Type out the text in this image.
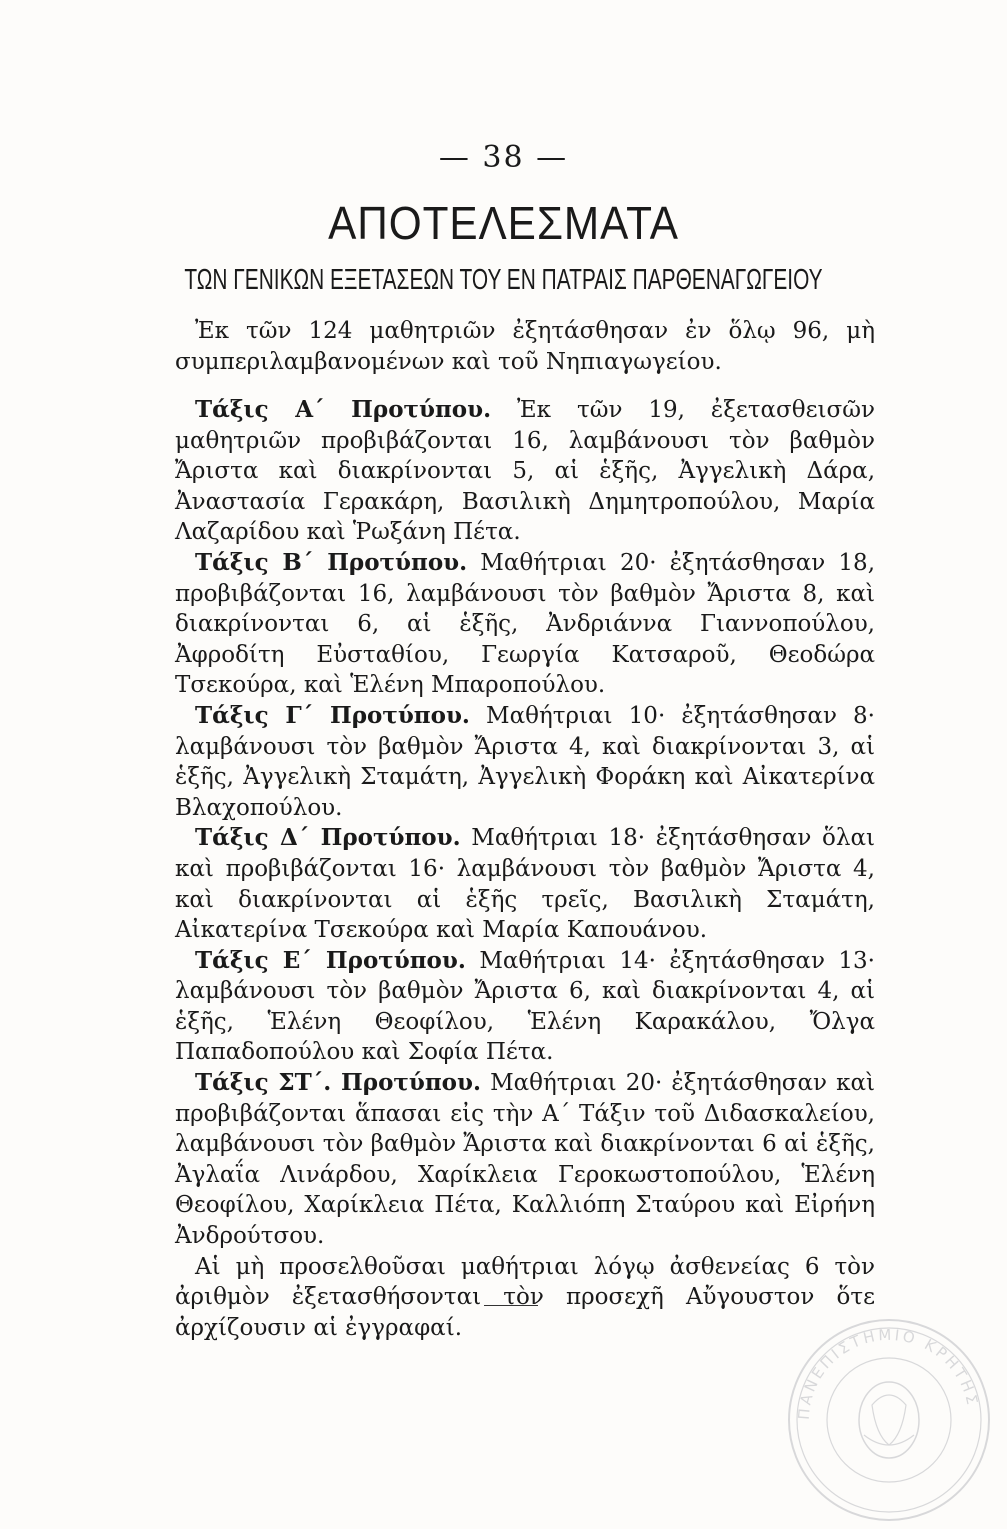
— 38 —
ΑΠΟΤΕΛΕΣΜΑΤΑ
ΤΩΝ ΓΕΝΙΚΩΝ ΕΞΕΤΑΣΕΩΝ ΤΟΥ ΕΝ ΠΑΤΡΑΙΣ ΠΑΡΘΕΝΑΓΩΓΕΙΟΥ

Ἐκ τῶν 124 μαθητριῶν ἐξητάσθησαν ἐν ὅλῳ 96, μὴ συμπεριλαμβανομένων καὶ τοῦ Νηπιαγωγείου.

Τάξις Α΄ Προτύπου. Ἐκ τῶν 19, ἐξετασθεισῶν μαθητριῶν προβιβάζονται 16, λαμβάνουσι τὸν βαθμὸν Ἄριστα καὶ διακρίνονται 5, αἱ ἑξῆς, Ἀγγελικὴ Δάρα, Ἀναστασία Γερακάρη, Βασιλικὴ Δημητροπούλου, Μαρία Λαζαρίδου καὶ Ῥωξάνη Πέτα.

Τάξις Β΄ Προτύπου. Μαθήτριαι 20· ἐξητάσθησαν 18, προβιβάζονται 16, λαμβάνουσι τὸν βαθμὸν Ἄριστα 8, καὶ διακρίνονται 6, αἱ ἑξῆς, Ἀνδριάννα Γιαννοπούλου, Ἀφροδίτη Εὐσταθίου, Γεωργία Κατσαροῦ, Θεοδώρα Τσεκούρα, καὶ Ἑλένη Μπαροπούλου.

Τάξις Γ΄ Προτύπου. Μαθήτριαι 10· ἐξητάσθησαν 8· λαμβάνουσι τὸν βαθμὸν Ἄριστα 4, καὶ διακρίνονται 3, αἱ ἑξῆς, Ἀγγελικὴ Σταμάτη, Ἀγγελικὴ Φοράκη καὶ Αἰκατερίνα Βλαχοπούλου.

Τάξις Δ΄ Προτύπου. Μαθήτριαι 18· ἐξητάσθησαν ὅλαι καὶ προβιβάζονται 16· λαμβάνουσι τὸν βαθμὸν Ἄριστα 4, καὶ διακρίνονται αἱ ἑξῆς τρεῖς, Βασιλικὴ Σταμάτη, Αἰκατερίνα Τσεκούρα καὶ Μαρία Καπουάνου.

Τάξις Ε΄ Προτύπου. Μαθήτριαι 14· ἐξητάσθησαν 13· λαμβάνουσι τὸν βαθμὸν Ἄριστα 6, καὶ διακρίνονται 4, αἱ ἑξῆς, Ἑλένη Θεοφίλου, Ἑλένη Καρακάλου, Ὄλγα Παπαδοπούλου καὶ Σοφία Πέτα.

Τάξις ΣΤ΄. Προτύπου. Μαθήτριαι 20· ἐξητάσθησαν καὶ προβιβάζονται ἅπασαι εἰς τὴν Α΄ Τάξιν τοῦ Διδασκαλείου, λαμβάνουσι τὸν βαθμὸν Ἄριστα καὶ διακρίνονται 6 αἱ ἑξῆς, Ἀγλαΐα Λινάρδου, Χαρίκλεια Γεροκωστοπούλου, Ἑλένη Θεοφίλου, Χαρίκλεια Πέτα, Καλλιόπη Σταύρου καὶ Εἰρήνη Ἀνδρούτσου.

Αἱ μὴ προσελθοῦσαι μαθήτριαι λόγῳ ἀσθενείας 6 τὸν ἀριθμὸν ἐξετασθήσονται τὸν προσεχῆ Αὔγουστον ὅτε ἀρχίζουσιν αἱ ἐγγραφαί.

ΠΑΝΕΠΙΣΤΗΜΙΟ ΚΡΗΤΗΣ
